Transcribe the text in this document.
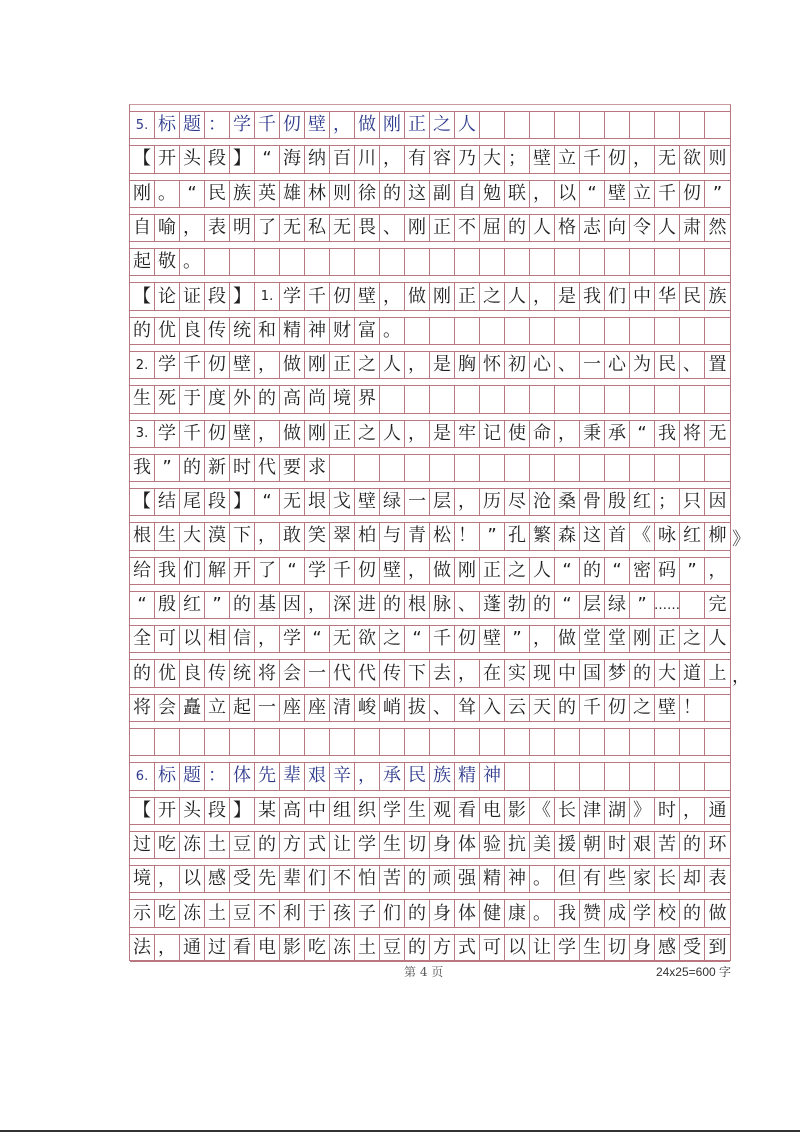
5. 标 题 ： 学 千 仞 壁 ， 做 刚 正 之 人
【 开 头 段 】 “ 海 纳 百 川 ， 有 容 乃 大 ； 壁 立 千 仞 ， 无 欲 则
刚 。 “ 民 族 英 雄 林 则 徐 的 这 副 自 勉 联 ， 以 “ 壁 立 千 仞 ”
自 喻 ， 表 明 了 无 私 无 畏 、 刚 正 不 屈 的 人 格 志 向 令 人 肃 然
起 敬 。
【 论 证 段 】 1. 学 千 仞 壁 ， 做 刚 正 之 人 ， 是 我 们 中 华 民 族
的 优 良 传 统 和 精 神 财 富 。
2. 学 千 仞 壁 ， 做 刚 正 之 人 ， 是 胸 怀 初 心 、 一 心 为 民 、 置
生 死 于 度 外 的 高 尚 境 界
3. 学 千 仞 壁 ， 做 刚 正 之 人 ， 是 牢 记 使 命 ， 秉 承 “ 我 将 无
我 ” 的 新 时 代 要 求
【 结 尾 段 】 “ 无 垠 戈 壁 绿 一 层 ， 历 尽 沧 桑 骨 殷 红 ； 只 因
根 生 大 漠 下 ， 敢 笑 翠 柏 与 青 松 ！ ” 孔 繁 森 这 首 《 咏 红 柳 》
给 我 们 解 开 了 “ 学 千 仞 壁 ， 做 刚 正 之 人 “ 的 “ 密 码 ” ，
“ 殷 红 ” 的 基 因 ， 深 进 的 根 脉 、 蓬 勃 的 “ 层 绿 ” …… 完
全 可 以 相 信 ， 学 “ 无 欲 之 “ 千 仞 壁 ” ， 做 堂 堂 刚 正 之 人
的 优 良 传 统 将 会 一 代 代 传 下 去 ， 在 实 现 中 国 梦 的 大 道 上 ，
将 会 矗 立 起 一 座 座 清 峻 峭 拔 、 耸 入 云 天 的 千 仞 之 壁 ！
6. 标 题 ： 体 先 辈 艰 辛 ， 承 民 族 精 神
【 开 头 段 】 某 高 中 组 织 学 生 观 看 电 影 《 长 津 湖 》 时 ， 通
过 吃 冻 土 豆 的 方 式 让 学 生 切 身 体 验 抗 美 援 朝 时 艰 苦 的 环
境 ， 以 感 受 先 辈 们 不 怕 苦 的 顽 强 精 神 。 但 有 些 家 长 却 表
示 吃 冻 土 豆 不 利 于 孩 子 们 的 身 体 健 康 。 我 赞 成 学 校 的 做
法 ， 通 过 看 电 影 吃 冻 土 豆 的 方 式 可 以 让 学 生 切 身 感 受 到
第 4 页	24x25=600 字
